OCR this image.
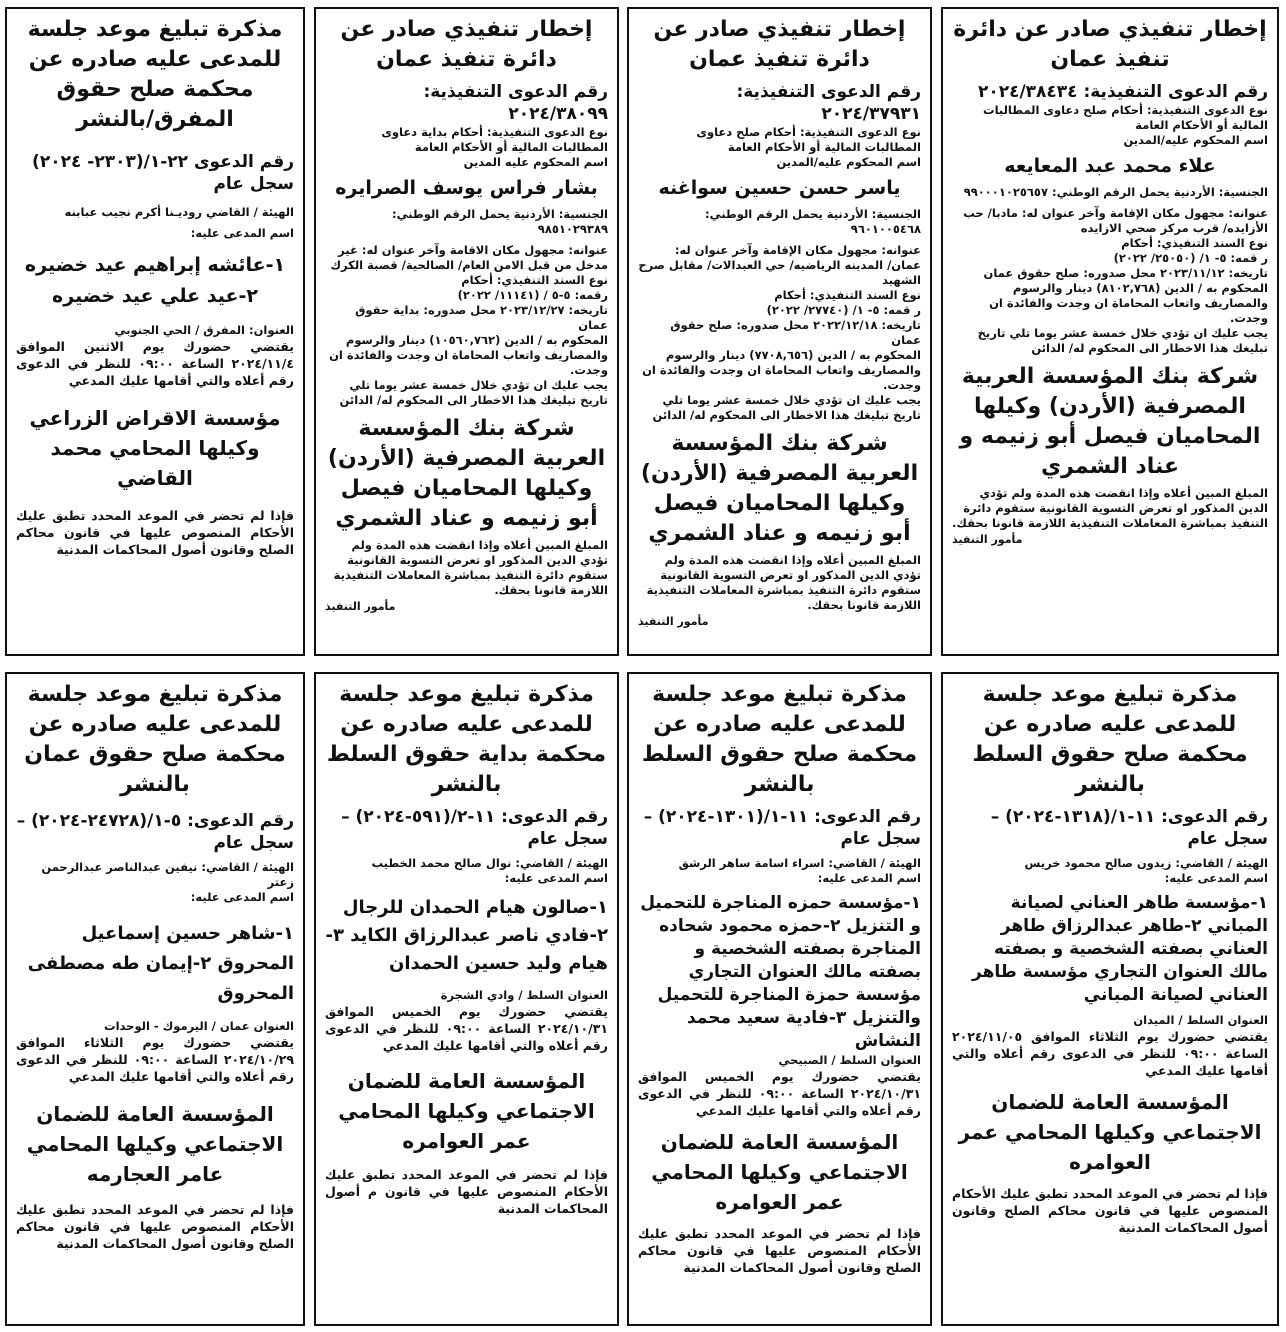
إخطار تنفيذي صادر عن دائرة تنفيذ عمان
رقم الدعوى التنفيذية: ٢٠٢٤/٣٨٤٣٤
نوع الدعوى التنفيذية: أحكام صلح دعاوى المطالبات المالية أو الأحكام العامة
اسم المحكوم عليه/المدين
علاء محمد عبد المعايعه
الجنسية: الأردنية يحمل الرقم الوطني: ٩٩٠٠٠١٠٢٥٦٥٧
عنوانه: مجهول مكان الإقامة وآخر عنوان له: مادبا/ حب الأزايده/ قرب مركز صحي الازايده
نوع السند التنفيذي: أحكام
ر قمه: ٥- ١/ (٢٥٠٥٠/ ٢٠٢٢)
تاريخه: ٢٠٢٣/١١/١٢ محل صدوره: صلح حقوق عمان
المحكوم به / الدين (٨١٠٢,٧٦٨) دينار والرسوم والمصاريف واتعاب المحاماة ان وجدت والفائدة ان وجدت.
يجب عليك ان تؤدي خلال خمسة عشر يوما تلي تاريخ تبليغك هذا الاخطار الى المحكوم له/ الدائن
شركة بنك المؤسسة العربية المصرفية (الأردن) وكيلها المحاميان فيصل أبو زنيمه و عناد الشمري
المبلغ المبين أعلاه وإذا انقضت هذه المدة ولم تؤدي الدين المذكور او تعرض التسوية القانونية ستقوم دائرة التنفيذ بمباشرة المعاملات التنفيذية اللازمة قانونا بحقك.
مأمور التنفيذ
إخطار تنفيذي صادر عن دائرة تنفيذ عمان
رقم الدعوى التنفيذية: ٢٠٢٤/٣٧٩٣١
نوع الدعوى التنفيذية: أحكام صلح دعاوى المطالبات المالية أو الأحكام العامة
اسم المحكوم عليه/المدين
ياسر حسن حسين سواغنه
الجنسية: الأردنية يحمل الرقم الوطني: ٩٦٠١٠٠٥٤٦٨
عنوانه: مجهول مكان الإقامة وآخر عنوان له: عمان/ المدينه الرياضيه/ حي العبدالات/ مقابل صرح الشهيد
نوع السند التنفيذي: أحكام
ر قمه: ٥- ١/ (٢٧٧٤٠/ ٢٠٢٢)
تاريخه: ٢٠٢٢/١٢/١٨ محل صدوره: صلح حقوق عمان
المحكوم به / الدين (٧٧٠٨,٦٥٦) دينار والرسوم والمصاريف واتعاب المحاماة ان وجدت والفائدة ان وجدت.
يجب عليك ان تؤدي خلال خمسة عشر يوما تلي تاريخ تبليغك هذا الاخطار الى المحكوم له/ الدائن
شركة بنك المؤسسة العربية المصرفية (الأردن) وكيلها المحاميان فيصل أبو زنيمه و عناد الشمري
المبلغ المبين أعلاه وإذا انقضت هذه المدة ولم تؤدي الدين المذكور او تعرض التسوية القانونية ستقوم دائرة التنفيذ بمباشرة المعاملات التنفيذية اللازمة قانونا بحقك.
مأمور التنفيذ
إخطار تنفيذي صادر عن دائرة تنفيذ عمان
رقم الدعوى التنفيذية: ٢٠٢٤/٣٨٠٩٩
نوع الدعوى التنفيذية: أحكام بداية دعاوى المطالبات المالية أو الأحكام العامة
اسم المحكوم عليه المدين
بشار فراس يوسف الصرايره
الجنسية: الأردنية يحمل الرقم الوطني: ٩٨٥١٠٢٩٣٨٩
عنوانه: مجهول مكان الاقامة وآخر عنوان له: غير مدخل من قبل الامن العام/ الصالحية/ قصبة الكرك
نوع السند التنفيذي: أحكام
رقمه: ٥-٥ / (١١١٤١/ ٢٠٢٢)
تاريخه: ٢٠٢٣/١٢/٢٧ محل صدوره: بداية حقوق عمان
المحكوم به / الدين (١٠٥٦٠,٧٦٢) دينار والرسوم والمصاريف واتعاب المحاماة ان وجدت والفائدة ان وجدت.
يجب عليك ان تؤدي خلال خمسة عشر يوما تلي تاريخ تبليغك هذا الاخطار الى المحكوم له/ الدائن
شركة بنك المؤسسة العربية المصرفية (الأردن) وكيلها المحاميان فيصل أبو زنيمه و عناد الشمري
المبلغ المبين أعلاه وإذا انقضت هذه المدة ولم تؤدي الدين المذكور او تعرض التسوية القانونية ستقوم دائرة التنفيذ بمباشرة المعاملات التنفيذية اللازمة قانونا بحقك.
مأمور التنفيذ
مذكرة تبليغ موعد جلسة للمدعى عليه صادره عن محكمة صلح حقوق المفرق/بالنشر
رقم الدعوى ٢٢-١/(٢٣٠٣- ٢٠٢٤) سجل عام
الهيئة / القاضي روديـنا أكرم نجيب عبابنه
اسم المدعى عليه:
١-عائشه إبراهيم عيد خضيره
٢-عيد علي عيد خضيره
العنوان: المفرق / الحي الجنوبي
يقتضي حضورك يوم الاثنين الموافق ٢٠٢٤/١١/٤ الساعة ٠٩:٠٠ للنظر في الدعوى رقم أعلاه والتي أقامها عليك المدعي
مؤسسة الاقراض الزراعي وكيلها المحامي محمد القاضي
فإذا لم تحضر في الموعد المحدد تطبق عليك الأحكام المنصوص عليها في قانون محاكم الصلح وقانون أصول المحاكمات المدنية
مذكرة تبليغ موعد جلسة للمدعى عليه صادره عن محكمة صلح حقوق السلط بالنشر
رقم الدعوى: ١١-١/(١٣١٨-٢٠٢٤) – سجل عام
الهيئة / القاضي: زيدون صالح محمود خريس
اسم المدعى عليه:
١-مؤسسة طاهر العناني لصيانة المباني ٢-طاهر عبدالرزاق طاهر العناني بصفته الشخصية و بصفته مالك العنوان التجاري مؤسسة طاهر العناني لصيانة المباني
العنوان السلط / الميدان
يقتضي حضورك يوم الثلاثاء الموافق ٢٠٢٤/١١/٠٥ الساعة ٠٩:٠٠ للنظر في الدعوى رقم أعلاه والتي أقامها عليك المدعي
المؤسسة العامة للضمان الاجتماعي وكيلها المحامي عمر العوامره
فإذا لم تحضر في الموعد المحدد تطبق عليك الأحكام المنصوص عليها في قانون محاكم الصلح وقانون أصول المحاكمات المدنية
مذكرة تبليغ موعد جلسة للمدعى عليه صادره عن محكمة صلح حقوق السلط بالنشر
رقم الدعوى: ١١-١/(١٣٠١-٢٠٢٤) – سجل عام
الهيئة / القاضي: اسراء اسامة ساهر الرشق
اسم المدعى عليه:
١-مؤسسة حمزه المناجرة للتحميل و التنزيل ٢-حمزه محمود شحاده المناجرة بصفته الشخصية و بصفته مالك العنوان التجاري مؤسسة حمزة المناجرة للتحميل والتنزيل ٣-فادية سعيد محمد النشاش
العنوان السلط / الصبيحي
يقتضي حضورك يوم الخميس الموافق ٢٠٢٤/١٠/٣١ الساعة ٠٩:٠٠ للنظر في الدعوى رقم أعلاه والتي أقامها عليك المدعي
المؤسسة العامة للضمان الاجتماعي وكيلها المحامي عمر العوامره
فإذا لم تحضر في الموعد المحدد تطبق عليك الأحكام المنصوص عليها في قانون محاكم الصلح وقانون أصول المحاكمات المدنية
مذكرة تبليغ موعد جلسة للمدعى عليه صادره عن محكمة بداية حقوق السلط بالنشر
رقم الدعوى: ١١-٢/(٥٩١-٢٠٢٤) – سجل عام
الهيئة / القاضي: نوال صالح محمد الخطيب
اسم المدعى عليه:
١-صالون هيام الحمدان للرجال ٢-فادي ناصر عبدالرزاق الكايد ٣-هيام وليد حسين الحمدان
العنوان السلط / وادي الشجرة
يقتضي حضورك يوم الخميس الموافق ٢٠٢٤/١٠/٣١ الساعة ٠٩:٠٠ للنظر في الدعوى رقم أعلاه والتي أقامها عليك المدعي
المؤسسة العامة للضمان الاجتماعي وكيلها المحامي عمر العوامره
فإذا لم تحضر في الموعد المحدد تطبق عليك الأحكام المنصوص عليها في قانون م أصول المحاكمات المدنية
مذكرة تبليغ موعد جلسة للمدعى عليه صادره عن محكمة صلح حقوق عمان بالنشر
رقم الدعوى: ٥-١/(٢٤٧٢٨-٢٠٢٤) – سجل عام
الهيئة / القاضي: نيفين عبدالناصر عبدالرحمن زعتر
اسم المدعى عليه:
١-شاهر حسين إسماعيل المحروق ٢-إيمان طه مصطفى المحروق
العنوان عمان / اليرموك - الوحدات
يقتضي حضورك يوم الثلاثاء الموافق ٢٠٢٤/١٠/٢٩ الساعة ٠٩:٠٠ للنظر في الدعوى رقم أعلاه والتي أقامها عليك المدعي
المؤسسة العامة للضمان الاجتماعي وكيلها المحامي عامر العجارمه
فإذا لم تحضر في الموعد المحدد تطبق عليك الأحكام المنصوص عليها في قانون محاكم الصلح وقانون أصول المحاكمات المدنية
